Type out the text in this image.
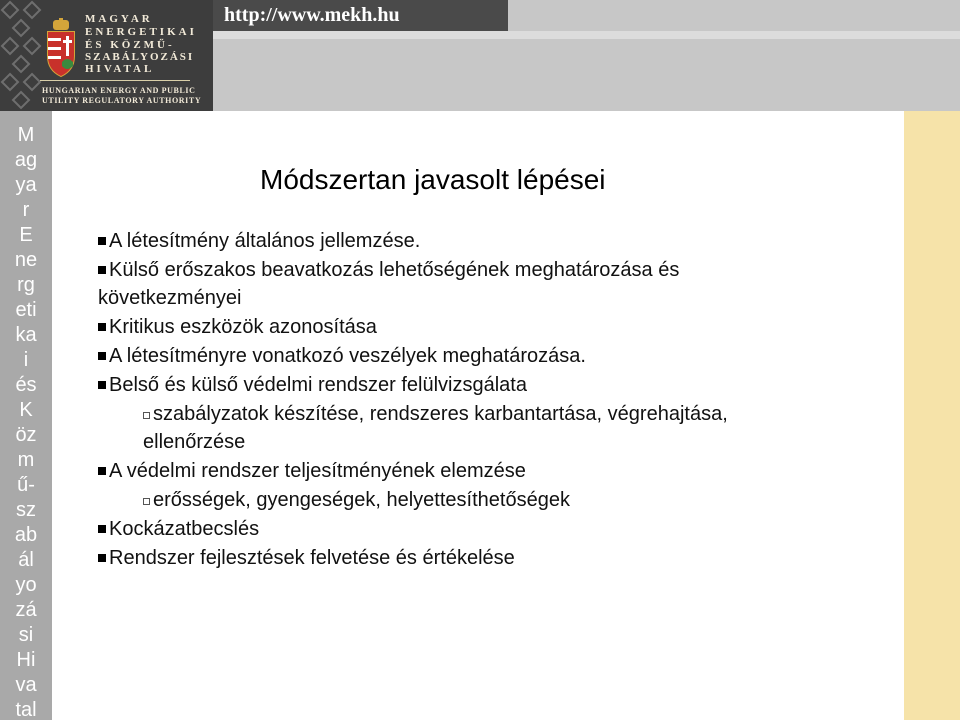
MAGYAR
ENERGETIKAI
ÉS KÖZMŰ-
SZABÁLYOZÁSI
HIVATAL
HUNGARIAN ENERGY AND PUBLIC
UTILITY REGULATORY AUTHORITY
http://www.mekh.hu
M
ag
ya
r
E
ne
rg
eti
ka
i
és
K
öz
m
ű-
sz
ab
ál
yo
zá
si
Hi
va
tal
Módszertan javasolt lépései
A létesítmény általános jellemzése.
Külső erőszakos beavatkozás lehetőségének meghatározása és
következményei
Kritikus eszközök azonosítása
A létesítményre vonatkozó veszélyek meghatározása.
Belső és külső védelmi rendszer felülvizsgálata
szabályzatok készítése, rendszeres karbantartása, végrehajtása,
ellenőrzése
A védelmi rendszer teljesítményének elemzése
erősségek, gyengeségek, helyettesíthetőségek
Kockázatbecslés
Rendszer fejlesztések felvetése és értékelése
